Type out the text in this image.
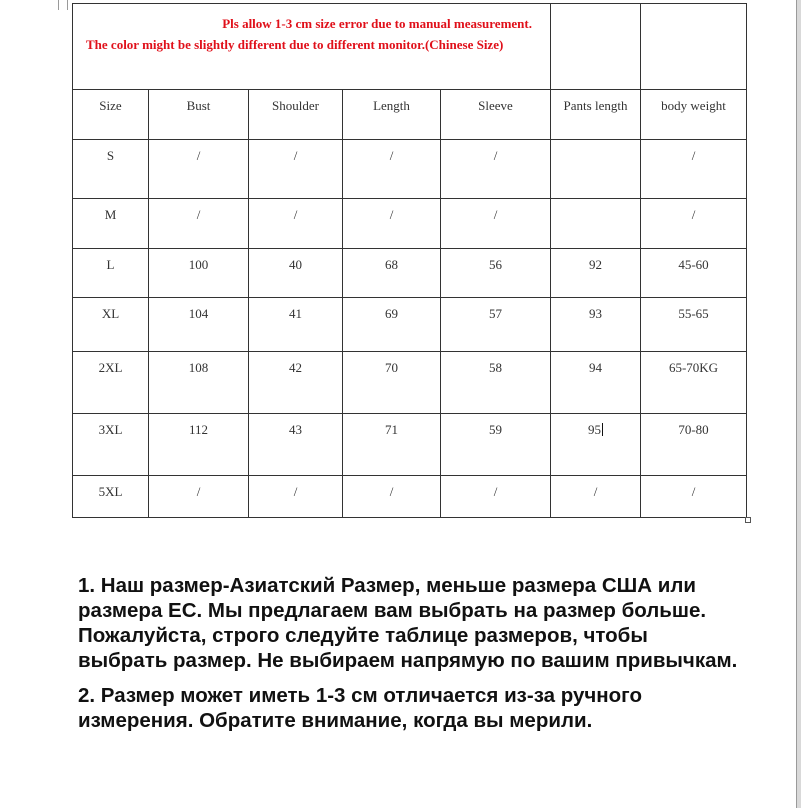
Pls allow 1-3 cm size error due to manual measurement.
The color might be slightly different due to different monitor.(Chinese Size)						

Size	Bust	Shoulder	Length	Sleeve	Pants length	body weight

S	/	/	/	/		/

M	/	/	/	/		/

L	100	40	68	56	92	45-60

XL	104	41	69	57	93	55-65

2XL	108	42	70	58	94	65-70KG

3XL	112	43	71	59	95	70-80

5XL	/	/	/	/	/	/

1. Наш размер-Азиатский Размер, меньше размера США или размера ЕС. Мы предлагаем вам выбрать на размер больше. Пожалуйста, строго следуйте таблице размеров, чтобы выбрать размер. Не выбираем напрямую по вашим привычкам.

2. Размер может иметь 1-3 см отличается из-за ручного измерения. Обратите внимание, когда вы мерили.
